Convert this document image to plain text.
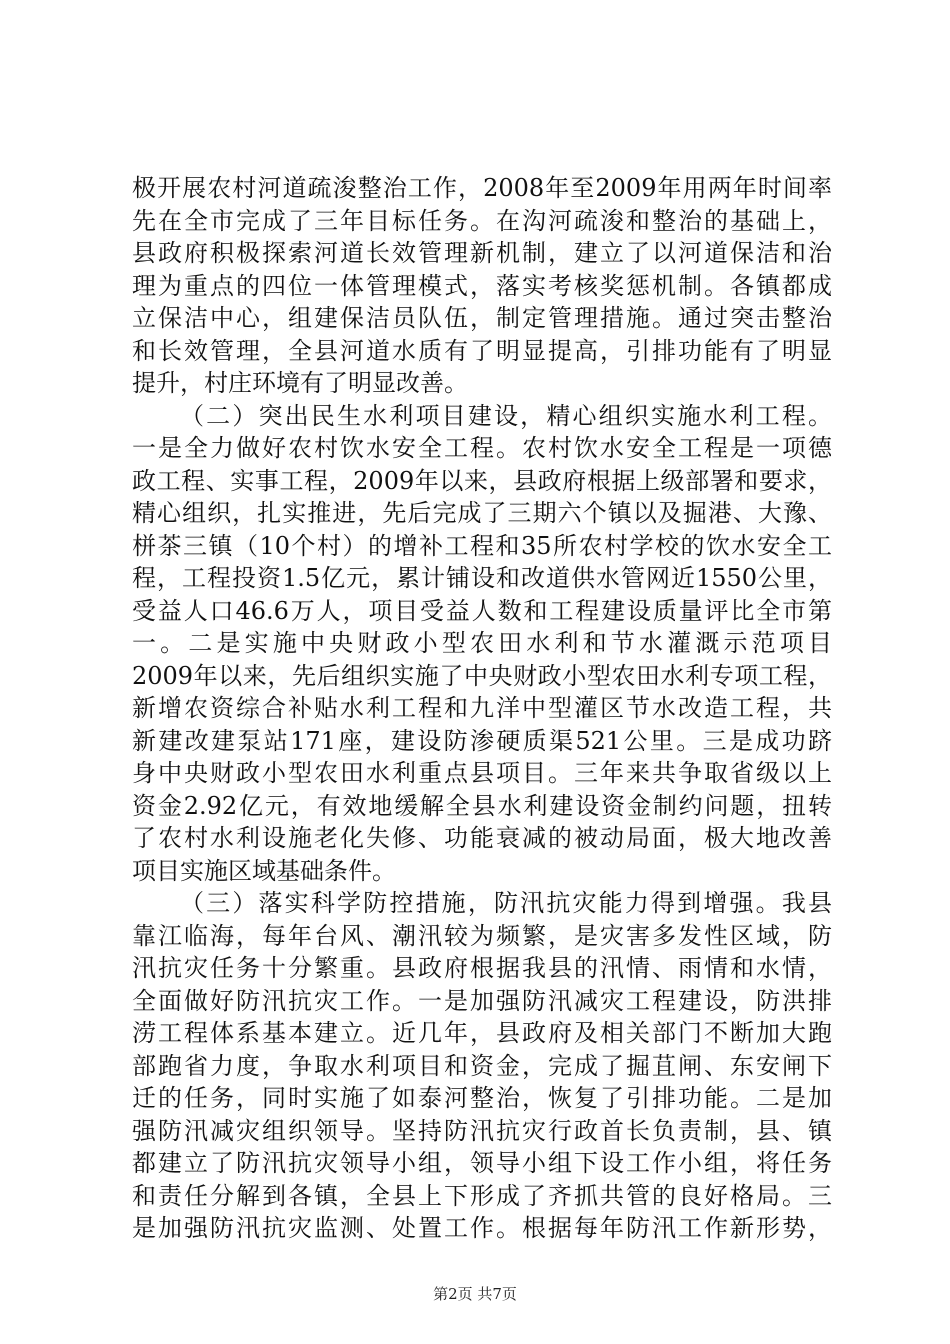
极开展农村河道疏浚整治工作，2008年至2009年用两年时间率
先在全市完成了三年目标任务。在沟河疏浚和整治的基础上，
县政府积极探索河道长效管理新机制，建立了以河道保洁和治
理为重点的四位一体管理模式，落实考核奖惩机制。各镇都成
立保洁中心，组建保洁员队伍，制定管理措施。通过突击整治
和长效管理，全县河道水质有了明显提高，引排功能有了明显
提升，村庄环境有了明显改善。
（二）突出民生水利项目建设，精心组织实施水利工程。
一是全力做好农村饮水安全工程。农村饮水安全工程是一项德
政工程、实事工程，2009年以来，县政府根据上级部署和要求，
精心组织，扎实推进，先后完成了三期六个镇以及掘港、大豫、
栟茶三镇（10个村）的增补工程和35所农村学校的饮水安全工
程，工程投资1.5亿元，累计铺设和改道供水管网近1550公里，
受益人口46.6万人，项目受益人数和工程建设质量评比全市第
一。二是实施中央财政小型农田水利和节水灌溉示范项目
2009年以来，先后组织实施了中央财政小型农田水利专项工程，
新增农资综合补贴水利工程和九洋中型灌区节水改造工程，共
新建改建泵站171座，建设防渗硬质渠521公里。三是成功跻
身中央财政小型农田水利重点县项目。三年来共争取省级以上
资金2.92亿元，有效地缓解全县水利建设资金制约问题，扭转
了农村水利设施老化失修、功能衰减的被动局面，极大地改善
项目实施区域基础条件。
（三）落实科学防控措施，防汛抗灾能力得到增强。我县
靠江临海，每年台风、潮汛较为频繁，是灾害多发性区域，防
汛抗灾任务十分繁重。县政府根据我县的汛情、雨情和水情，
全面做好防汛抗灾工作。一是加强防汛减灾工程建设，防洪排
涝工程体系基本建立。近几年，县政府及相关部门不断加大跑
部跑省力度，争取水利项目和资金，完成了掘苴闸、东安闸下
迁的任务，同时实施了如泰河整治，恢复了引排功能。二是加
强防汛减灾组织领导。坚持防汛抗灾行政首长负责制，县、镇
都建立了防汛抗灾领导小组，领导小组下设工作小组，将任务
和责任分解到各镇，全县上下形成了齐抓共管的良好格局。三
是加强防汛抗灾监测、处置工作。根据每年防汛工作新形势，
第2页 共7页
